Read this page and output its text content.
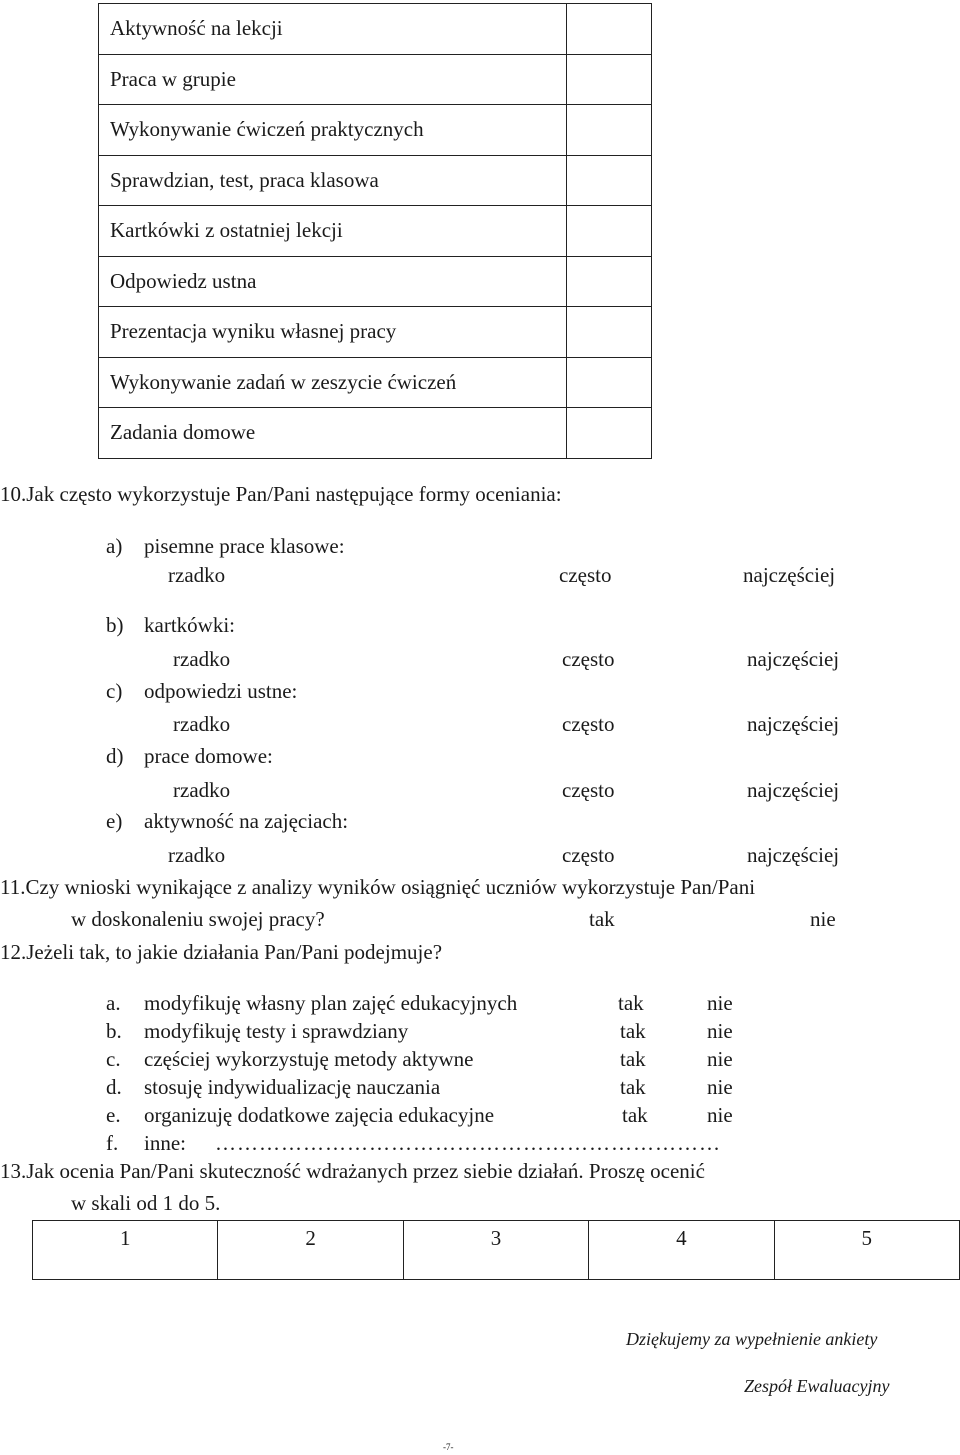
Aktywność na lekcji	
Praca w grupie	
Wykonywanie ćwiczeń praktycznych	
Sprawdzian, test, praca klasowa	
Kartkówki z ostatniej lekcji	
Odpowiedz ustna	
Prezentacja wyniku własnej pracy	
Wykonywanie zadań w zeszycie ćwiczeń	
Zadania domowe	
10.Jak często wykorzystuje Pan/Pani następujące formy oceniania:
a) pisemne prace klasowe:
rzadko	często	najczęściej
b) kartkówki:
rzadko	często	najczęściej
c) odpowiedzi ustne:
rzadko	często	najczęściej
d) prace domowe:
rzadko	często	najczęściej
e) aktywność na zajęciach:
rzadko	często	najczęściej
11.Czy wnioski wynikające z analizy wyników osiągnięć uczniów wykorzystuje Pan/Pani
w doskonaleniu swojej pracy?	tak	nie
12.Jeżeli tak, to jakie działania Pan/Pani podejmuje?
a. modyfikuję własny plan zajęć edukacyjnych	tak	nie
b. modyfikuję testy i sprawdziany	tak	nie
c. częściej wykorzystuję metody aktywne	tak	nie
d. stosuję indywidualizację nauczania	tak	nie
e. organizuję dodatkowe zajęcia edukacyjne	tak	nie
f. inne: ……………………………………………………………
13.Jak ocenia Pan/Pani skuteczność wdrażanych przez siebie działań. Proszę ocenić
w skali od 1 do 5.
1	2	3	4	5
Dziękujemy za wypełnienie ankiety
Zespół Ewaluacyjny
-7-
